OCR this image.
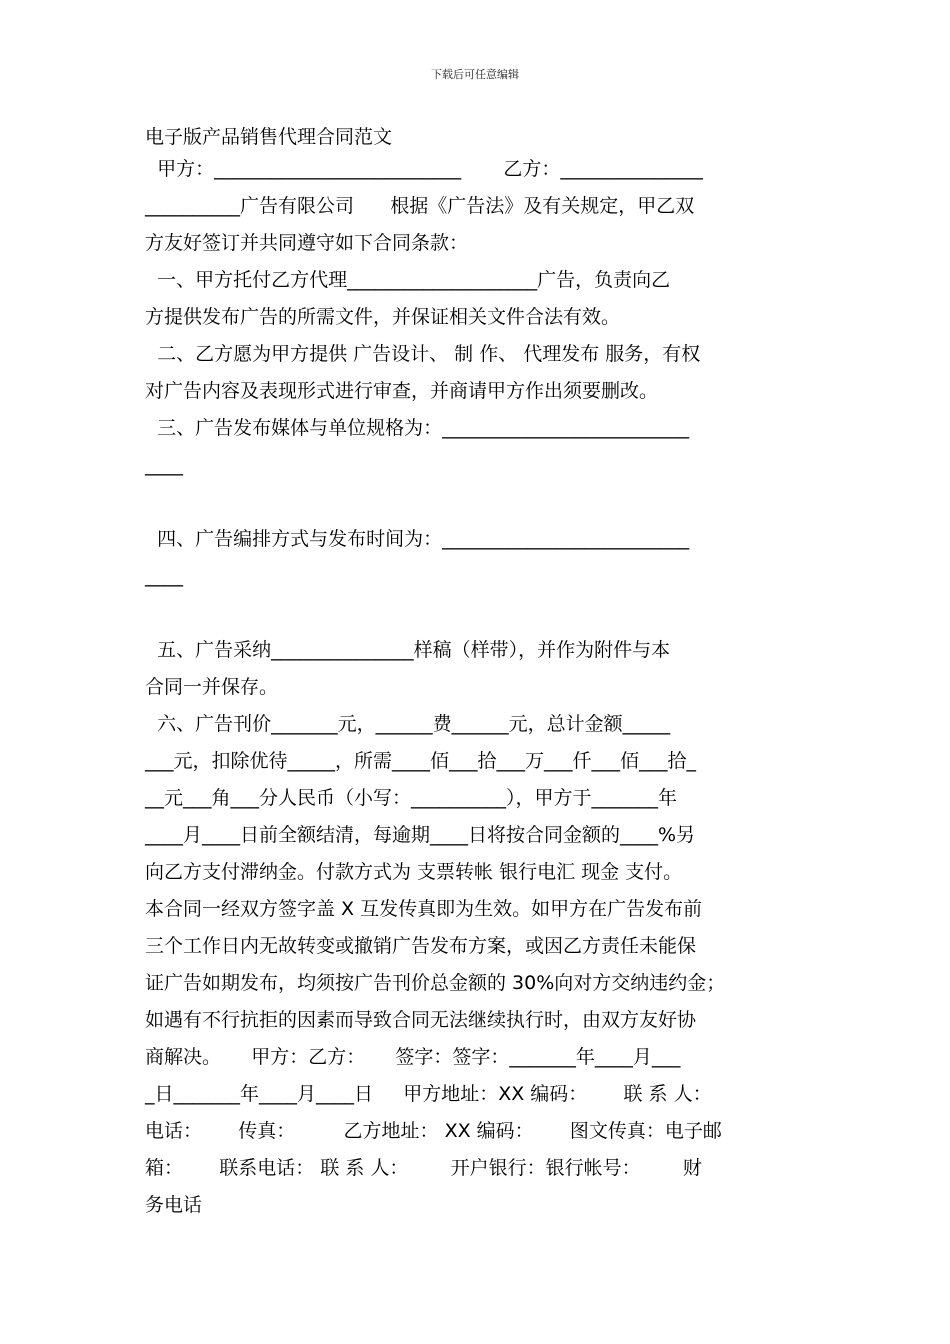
下载后可任意编辑
电子版产品销售代理合同范文
甲方：__________________________       乙方：_______________
__________广告有限公司      根据《广告法》及有关规定，甲乙双
方友好签订并共同遵守如下合同条款：
一、甲方托付乙方代理____________________广告，负责向乙
方提供发布广告的所需文件，并保证相关文件合法有效。
二、乙方愿为甲方提供 广告设计、 制 作、 代理发布 服务，有权
对广告内容及表现形式进行审查，并商请甲方作出须要删改。
三、广告发布媒体与单位规格为：__________________________
____
四、广告编排方式与发布时间为：__________________________
____
五、广告采纳_______________样稿（样带），并作为附件与本
合同一并保存。
六、广告刊价_______元，______费______元，总计金额_____
___元，扣除优待_____，所需____佰___拾___万___仟___佰___拾_
__元___角___分人民币（小写：__________），甲方于_______年
____月____日前全额结清，每逾期____日将按合同金额的____%另
向乙方支付滞纳金。付款方式为 支票转帐 银行电汇 现金 支付。
本合同一经双方签字盖 X 互发传真即为生效。如甲方在广告发布前
三个工作日内无故转变或撤销广告发布方案，或因乙方责任未能保
证广告如期发布，均须按广告刊价总金额的 30%向对方交纳违约金；
如遇有不行抗拒的因素而导致合同无法继续执行时，由双方友好协
商解决。     甲方：乙方：     签字：签字：_______年____月___
_日_______年____月____日     甲方地址：XX 编码：      联 系 人：
电话：      传真：        乙方地址： XX 编码：      图文传真：电子邮
箱：      联系电话： 联 系 人：       开户银行：银行帐号：       财
务电话
